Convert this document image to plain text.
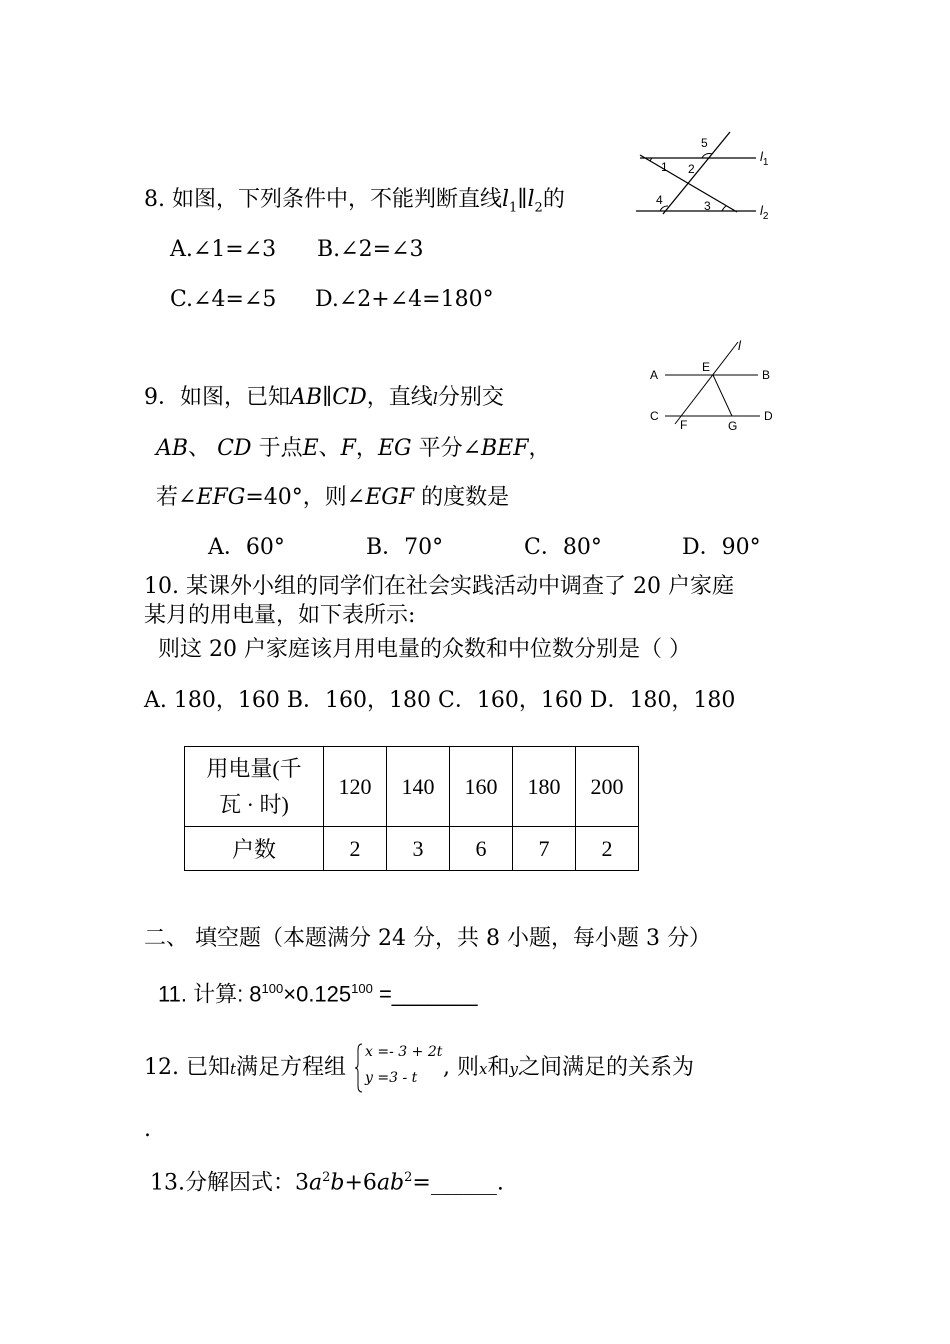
8. 如图，下列条件中，不能判断直线$l_1\parallel l_2$的
1 2
3
4
5
$l_1$
$l_2$
A.∠1=∠3 B.∠2=∠3
C.∠4=∠5 D.∠2+∠4=180°
A
E
B
C
F	G
D
l
9．如图，已知AB∥CD，直线l分别交
AB、 CD 于点E、F，EG 平分∠BEF，
若∠EFG=40°，则∠EGF 的度数是
A．60°	B．70°	C．80°	D．90°
10. 某课外小组的同学们在社会实践活动中调查了 20 户家庭
某月的用电量，如下表所示:
则这 20 户家庭该月用电量的众数和中位数分别是（ ）
A. 180，160 B．160，180 C．160，160 D．180，180
用电量(千
瓦 · 时)	120	140	160	180	200
户数	2	3	6	7	2
二、 填空题（本题满分 24 分，共 8 小题，每小题 3 分）
11. 计算: $8^{100}\times 0.125^{100}$ =_______
12. 已知t满足方程组
x =- 3 + 2t
y =3 - t , 则x和y之间满足的关系为
.
13.分解因式：$3a^2b+6ab^2=\_\_\_\_\_\_$.
